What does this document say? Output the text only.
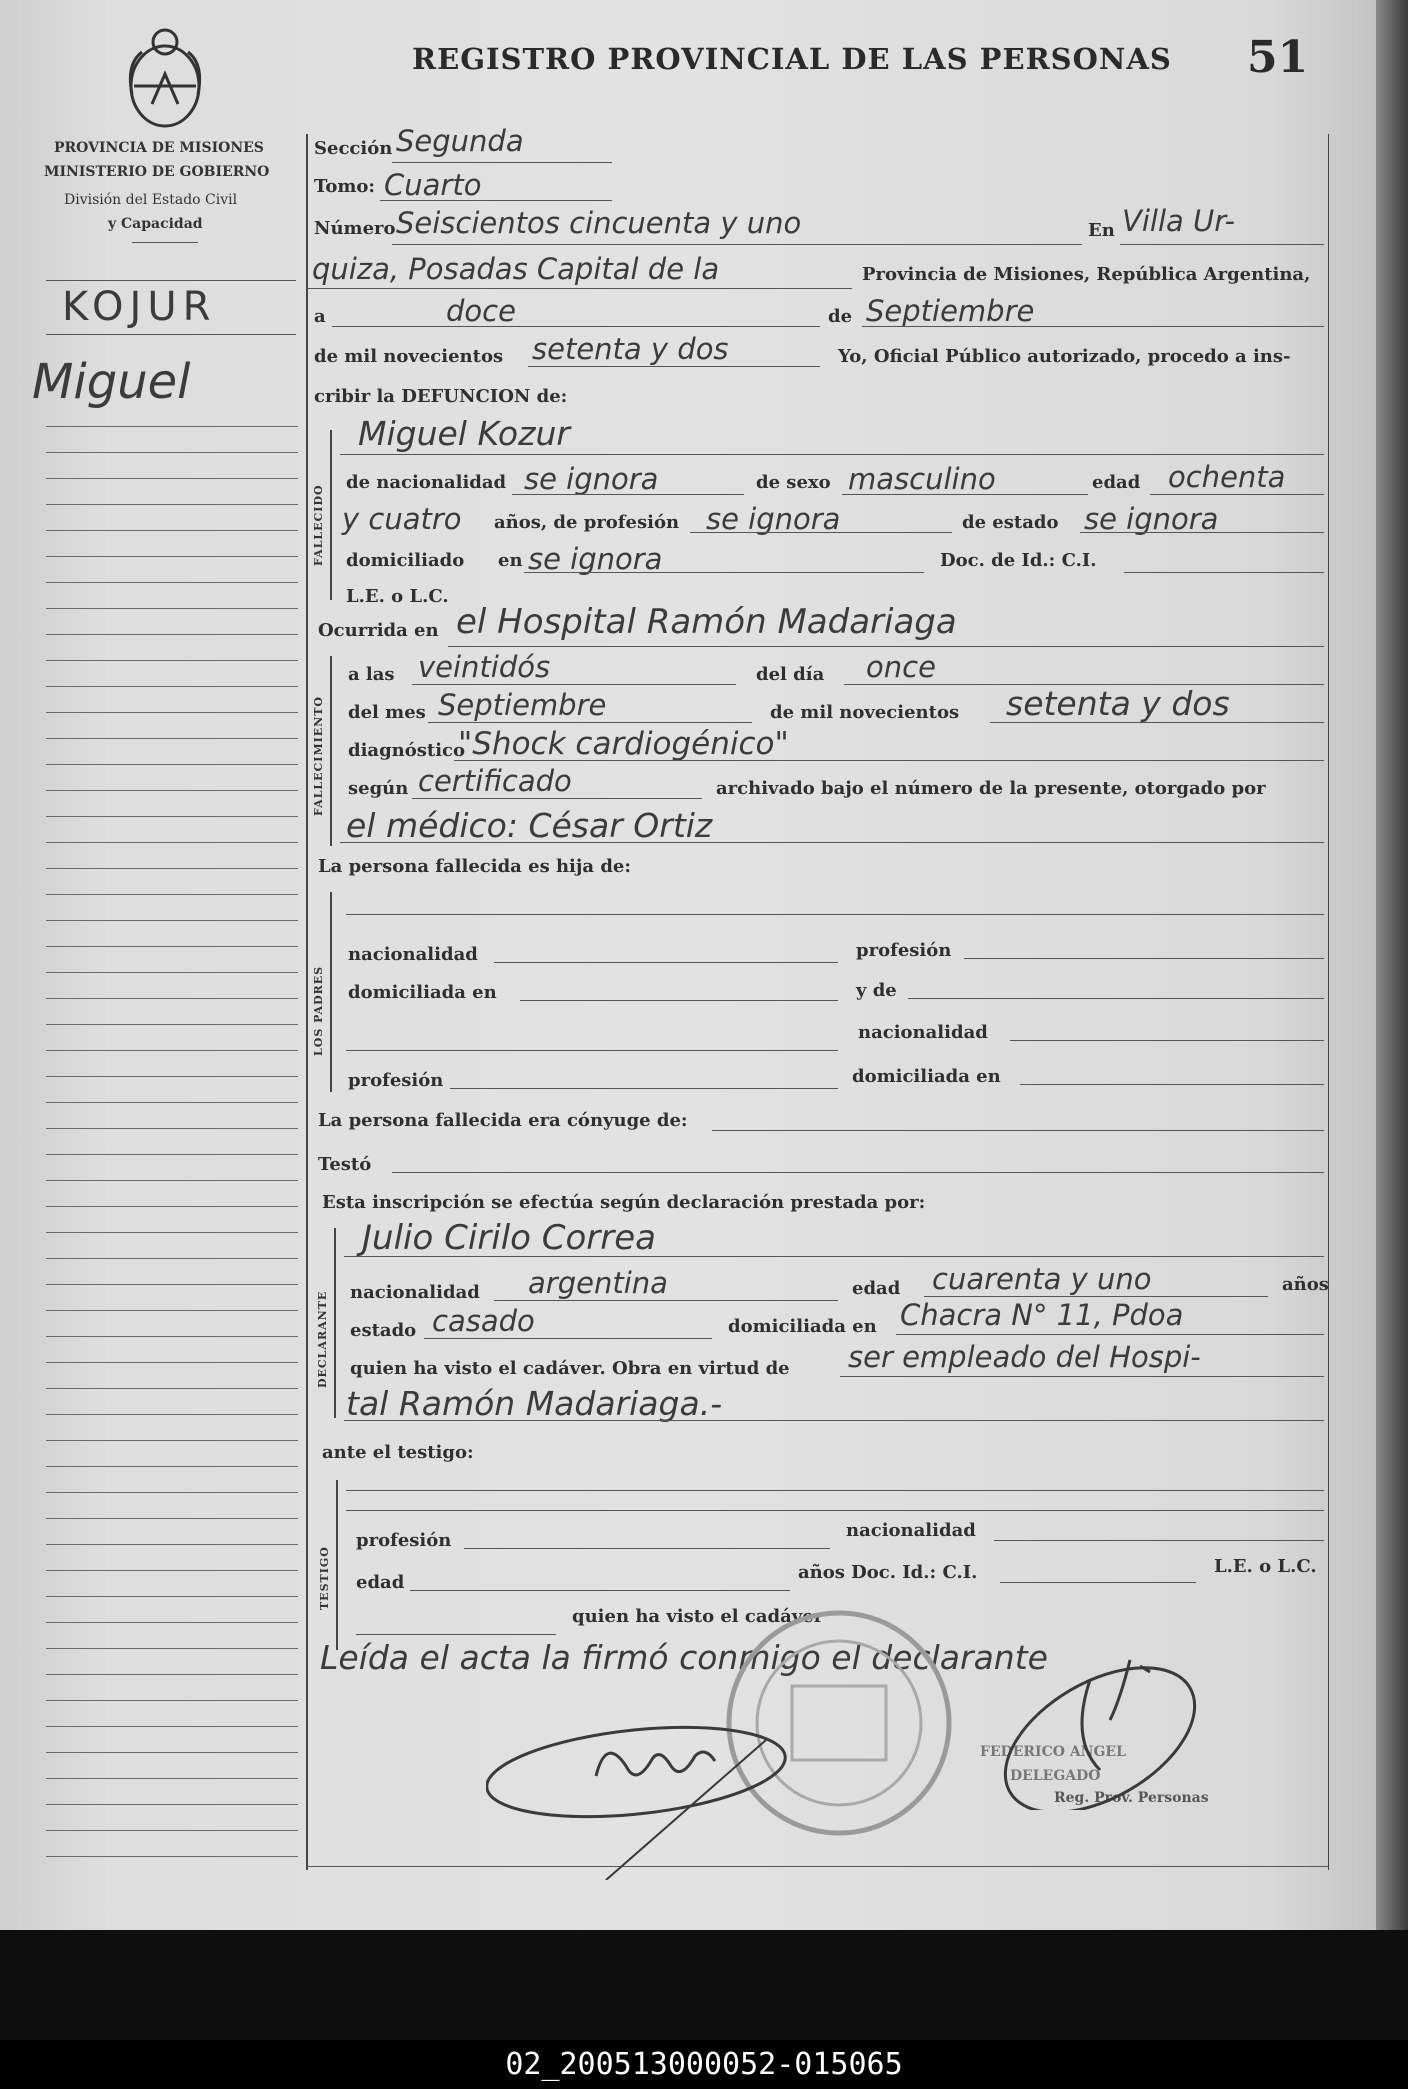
REGISTRO PROVINCIAL DE LAS PERSONAS 51
PROVINCIA DE MISIONES
MINISTERIO DE GOBIERNO
División del Estado Civil
y Capacidad
KOJUR
Miguel
Sección Segunda
Tomo: Cuarto
Número Seiscientos cincuenta y uno	En Villa Ur-
quiza, Posadas Capital de la	Provincia de Misiones, República Argentina,
a	doce	de Septiembre
de mil novecientos setenta y dos	Yo, Oficial Público autorizado, procedo a ins-
cribir la DEFUNCION de:
FALLECIDO
Miguel Kozur
de nacionalidad se ignora	de sexo masculino	edad ochenta
y cuatro años, de profesión se ignora	de estado se ignora
domiciliado en se ignora	Doc. de Id.: C.I.
L.E. o L.C.
Ocurrida en el Hospital Ramón Madariaga
FALLECIMIENTO
a las veintidós	del día once
del mes Septiembre	de mil novecientos setenta y dos
diagnóstico
"Shock cardiogénico"
según certificado	archivado bajo el número de la presente, otorgado por
el médico: César Ortiz
La persona fallecida es hija de:
LOS PADRES
nacionalidad	profesión
domiciliada en	y de
nacionalidad
profesión	domiciliada en
La persona fallecida era cónyuge de:
Testó
Esta inscripción se efectúa según declaración prestada por:
DECLARANTE
Julio Cirilo Correa
nacionalidad argentina	edad cuarenta y uno	años
estado casado	domiciliada en Chacra N° 11, Pdoa
quien ha visto el cadáver. Obra en virtud de ser empleado del Hospi-
tal Ramón Madariaga.-
ante el testigo:
TESTIGO
profesión	nacionalidad
edad	años Doc. Id.: C.I.	L.E. o L.C.
quien ha visto el cadáver
Leída el acta la firmó conmigo el declarante
FEDERICO ANGEL
DELEGADO
Reg. Prov. Personas
02_200513000052-015065
